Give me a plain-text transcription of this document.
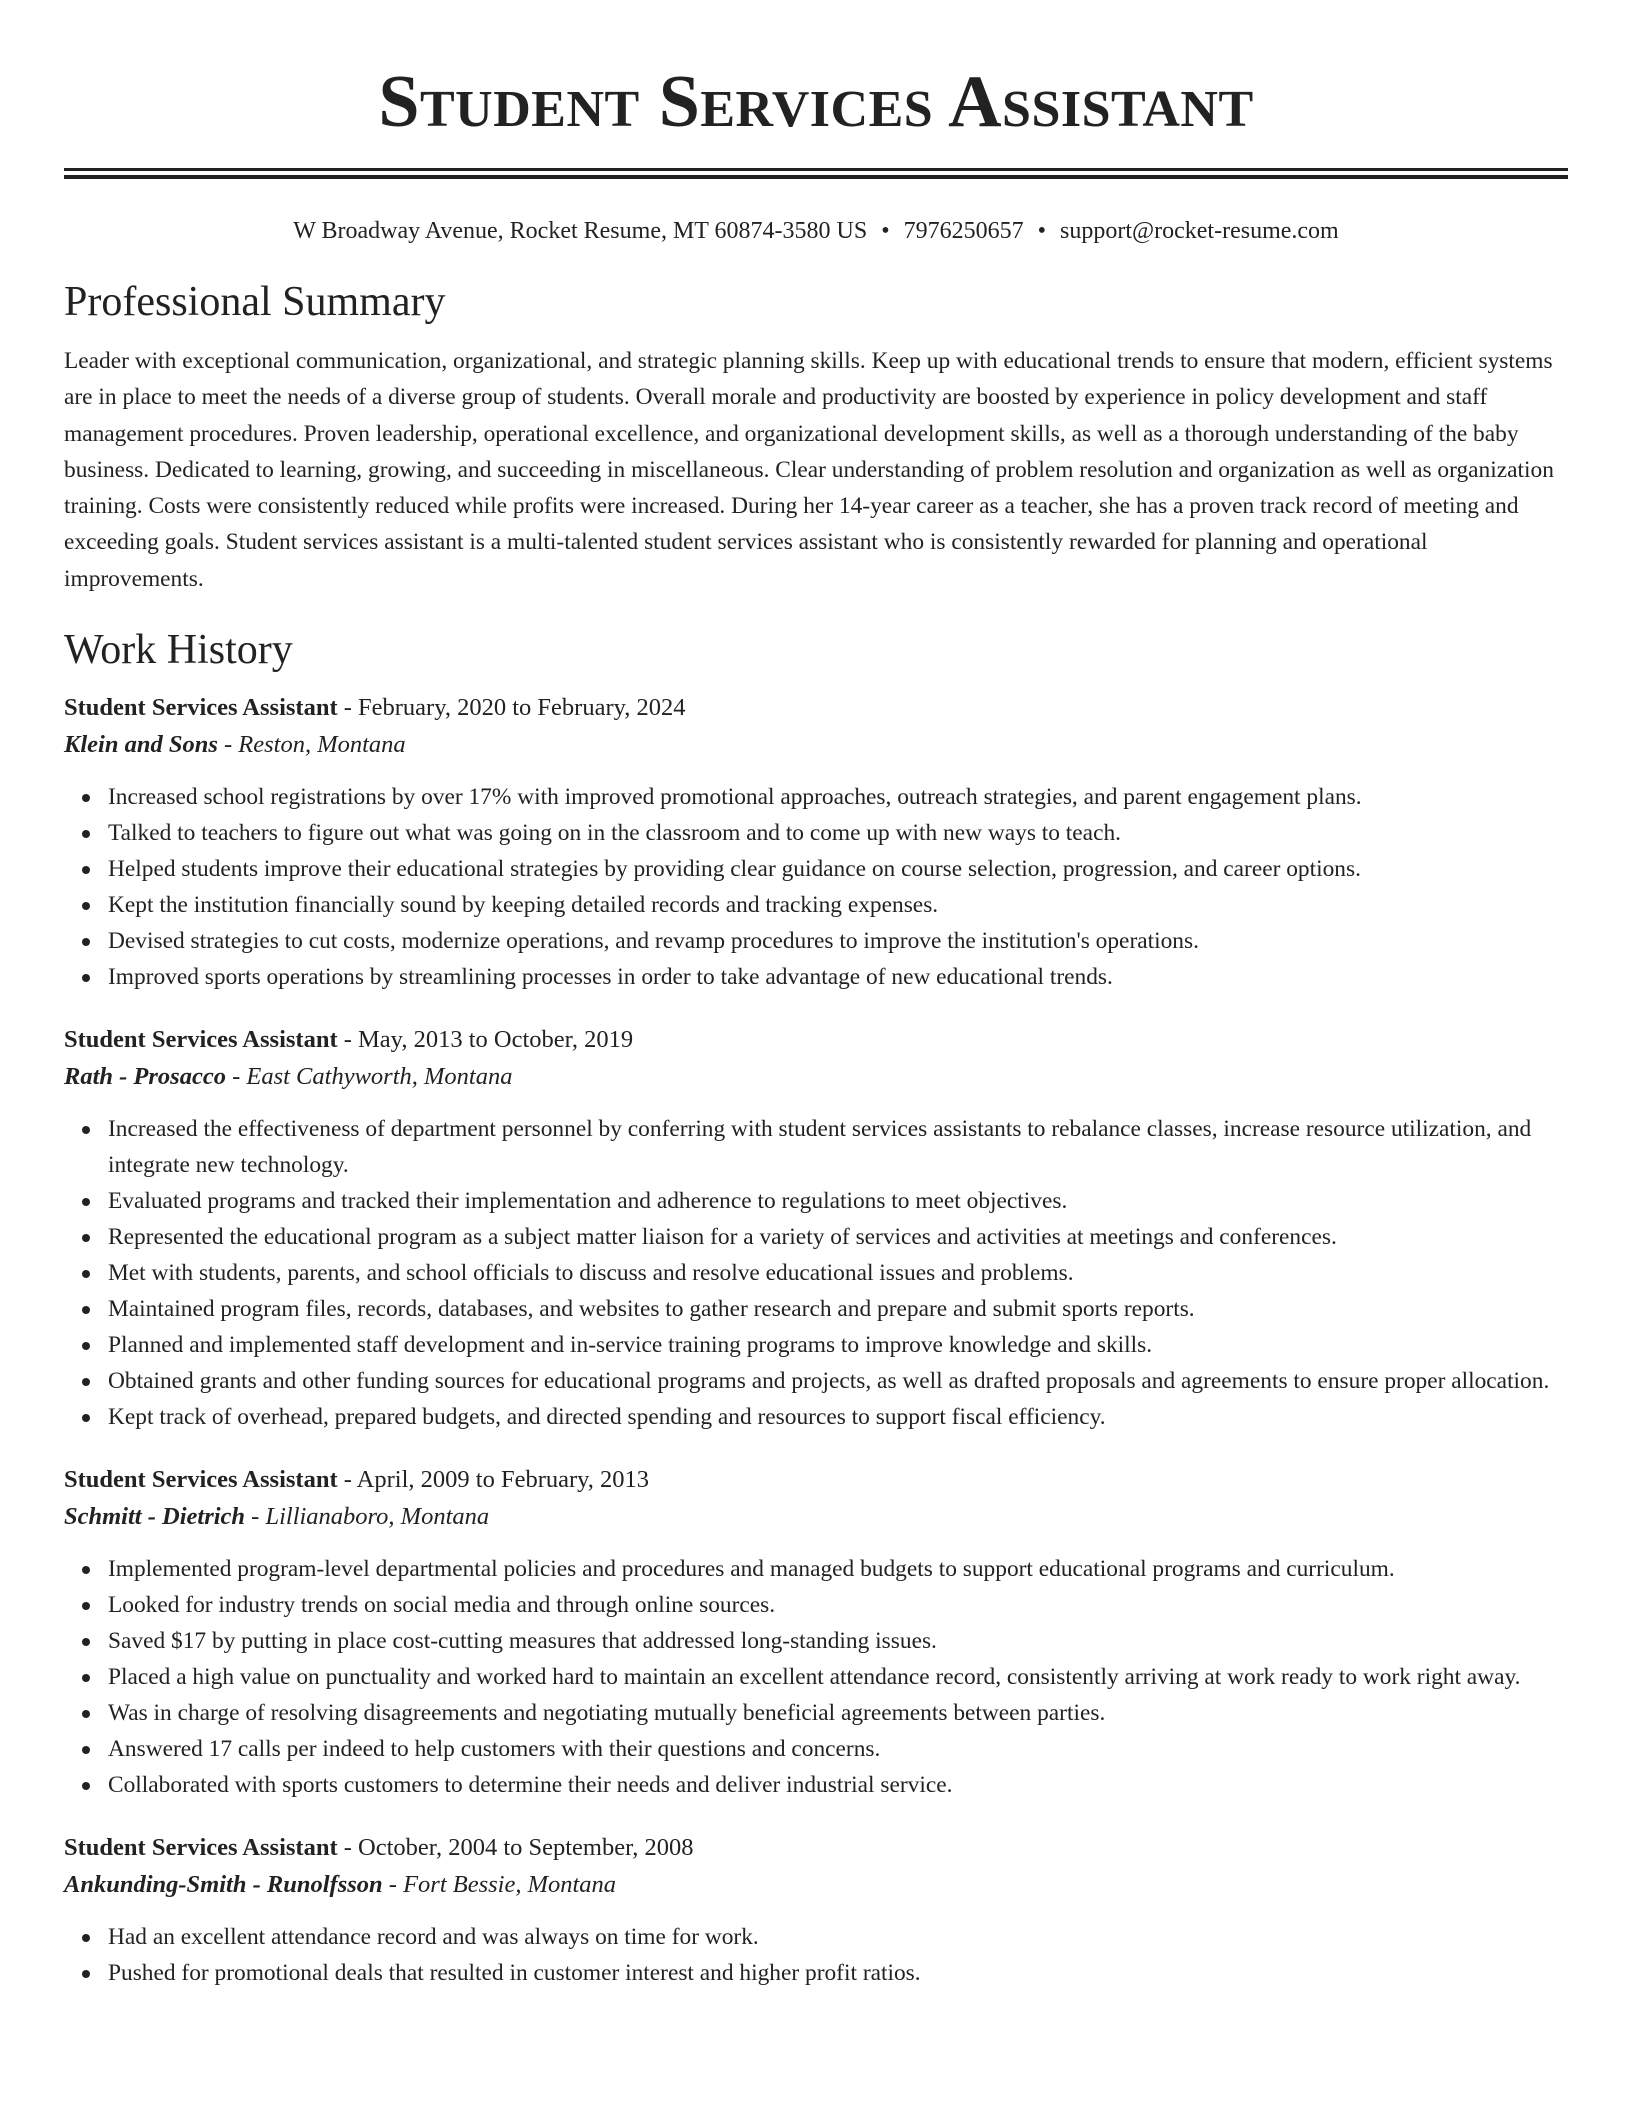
Student Services Assistant
W Broadway Avenue, Rocket Resume, MT 60874-3580 US • 7976250657 • support@rocket-resume.com
Professional Summary

Leader with exceptional communication, organizational, and strategic planning skills. Keep up with educational trends to ensure that modern, efficient systems are in place to meet the needs of a diverse group of students. Overall morale and productivity are boosted by experience in policy development and staff management procedures. Proven leadership, operational excellence, and organizational development skills, as well as a thorough understanding of the baby business. Dedicated to learning, growing, and succeeding in miscellaneous. Clear understanding of problem resolution and organization as well as organization training. Costs were consistently reduced while profits were increased. During her 14-year career as a teacher, she has a proven track record of meeting and exceeding goals. Student services assistant is a multi-talented student services assistant who is consistently rewarded for planning and operational improvements.

Work History
Student Services Assistant - February, 2020 to February, 2024
Klein and Sons - Reston, Montana
Increased school registrations by over 17% with improved promotional approaches, outreach strategies, and parent engagement plans.
Talked to teachers to figure out what was going on in the classroom and to come up with new ways to teach.
Helped students improve their educational strategies by providing clear guidance on course selection, progression, and career options.
Kept the institution financially sound by keeping detailed records and tracking expenses.
Devised strategies to cut costs, modernize operations, and revamp procedures to improve the institution's operations.
Improved sports operations by streamlining processes in order to take advantage of new educational trends.
Student Services Assistant - May, 2013 to October, 2019
Rath - Prosacco - East Cathyworth, Montana
Increased the effectiveness of department personnel by conferring with student services assistants to rebalance classes, increase resource utilization, and integrate new technology.
Evaluated programs and tracked their implementation and adherence to regulations to meet objectives.
Represented the educational program as a subject matter liaison for a variety of services and activities at meetings and conferences.
Met with students, parents, and school officials to discuss and resolve educational issues and problems.
Maintained program files, records, databases, and websites to gather research and prepare and submit sports reports.
Planned and implemented staff development and in-service training programs to improve knowledge and skills.
Obtained grants and other funding sources for educational programs and projects, as well as drafted proposals and agreements to ensure proper allocation.
Kept track of overhead, prepared budgets, and directed spending and resources to support fiscal efficiency.
Student Services Assistant - April, 2009 to February, 2013
Schmitt - Dietrich - Lillianaboro, Montana
Implemented program-level departmental policies and procedures and managed budgets to support educational programs and curriculum.
Looked for industry trends on social media and through online sources.
Saved $17 by putting in place cost-cutting measures that addressed long-standing issues.
Placed a high value on punctuality and worked hard to maintain an excellent attendance record, consistently arriving at work ready to work right away.
Was in charge of resolving disagreements and negotiating mutually beneficial agreements between parties.
Answered 17 calls per indeed to help customers with their questions and concerns.
Collaborated with sports customers to determine their needs and deliver industrial service.
Student Services Assistant - October, 2004 to September, 2008
Ankunding-Smith - Runolfsson - Fort Bessie, Montana
Had an excellent attendance record and was always on time for work.
Pushed for promotional deals that resulted in customer interest and higher profit ratios.
